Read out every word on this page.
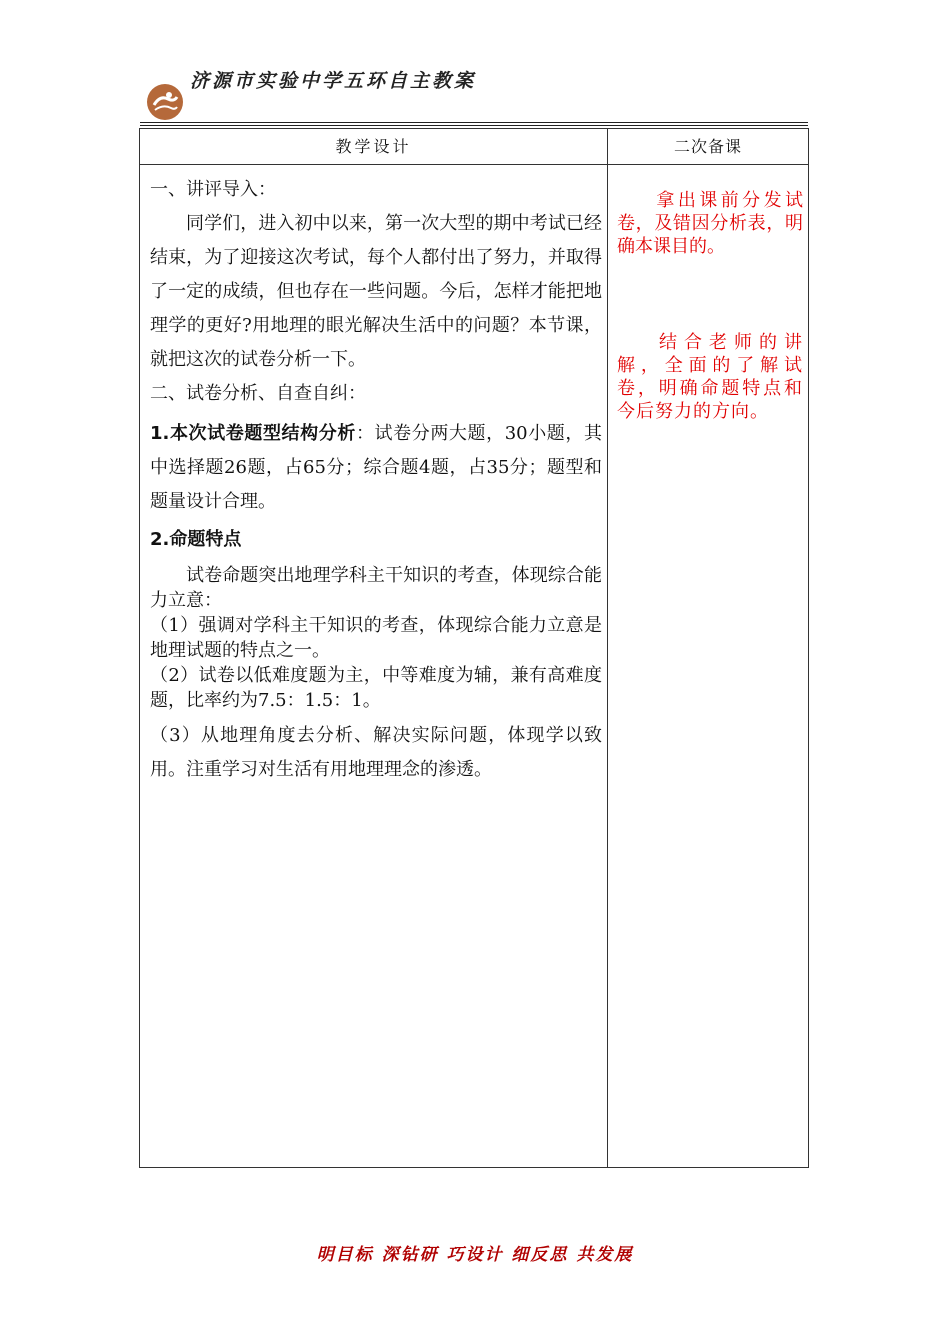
济源市实验中学五环自主教案
教学设计	二次备课
一、讲评导入：
同学们，进入初中以来，第一次大型的期中考试已经结束，为了迎接这次考试，每个人都付出了努力，并取得了一定的成绩，但也存在一些问题。今后，怎样才能把地理学的更好?用地理的眼光解决生活中的问题？本节课，就把这次的试卷分析一下。
二、试卷分析、自查自纠：
1.本次试卷题型结构分析：试卷分两大题，30小题，其中选择题26题，占65分；综合题4题，占35分；题型和题量设计合理。
2.命题特点
试卷命题突出地理学科主干知识的考查，体现综合能力立意：
（1）强调对学科主干知识的考查，体现综合能力立意是地理试题的特点之一。
（2）试卷以低难度题为主，中等难度为辅，兼有高难度题，比率约为7.5：1.5：1。
（3）从地理角度去分析、解决实际问题，体现学以致用。注重学习对生活有用地理理念的渗透。
拿出课前分发试卷，及错因分析表，明确本课目的。
结合老师的讲解，全面的了解试卷，明确命题特点和今后努力的方向。
明目标 深钻研 巧设计 细反思 共发展
